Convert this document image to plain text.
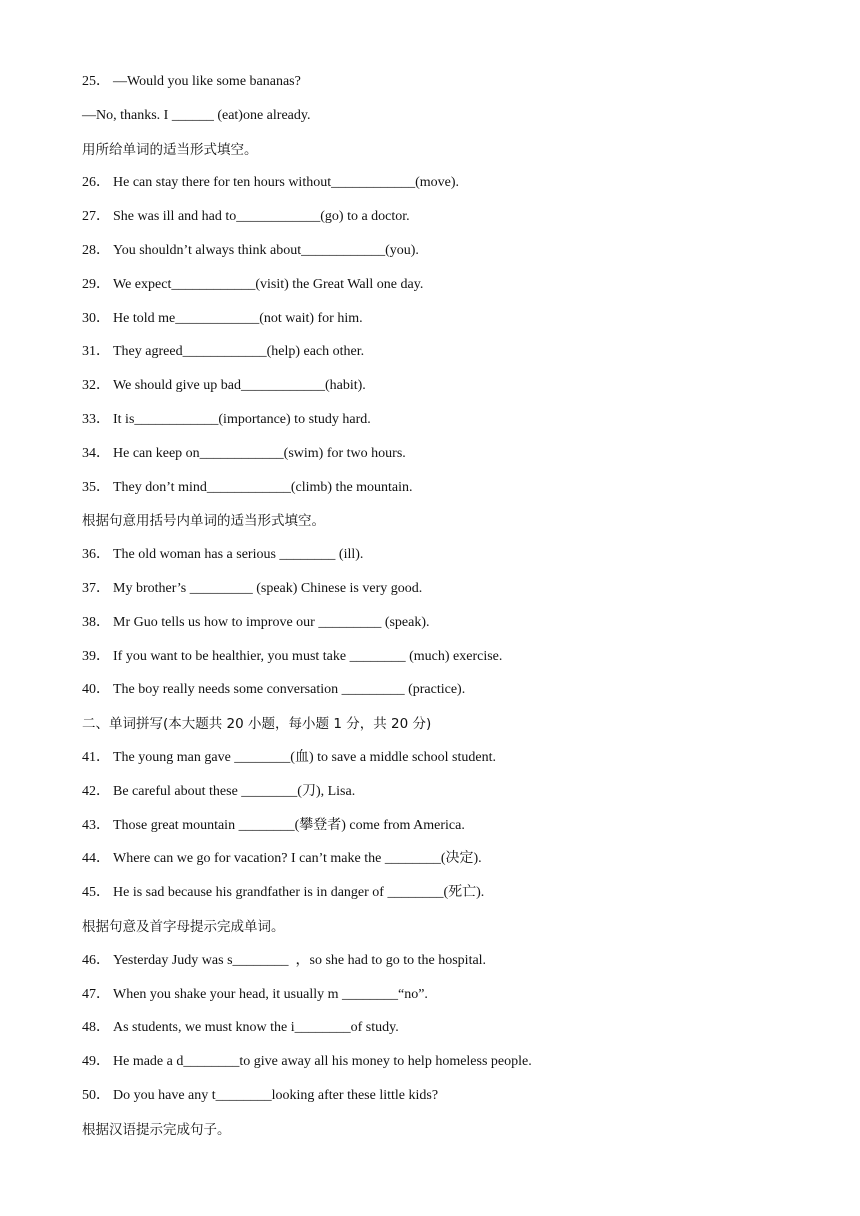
25． —Would you like some bananas?
—No, thanks. I ______ (eat)one already.
用所给单词的适当形式填空。
26． He can stay there for ten hours without____________(move).
27． She was ill and had to____________(go) to a doctor.
28． You shouldn’t always think about____________(you).
29． We expect____________(visit) the Great Wall one day.
30． He told me____________(not wait) for him.
31． They agreed____________(help) each other.
32． We should give up bad____________(habit).
33． It is____________(importance) to study hard.
34． He can keep on____________(swim) for two hours.
35． They don’t mind____________(climb) the mountain.
根据句意用括号内单词的适当形式填空。
36． The old woman has a serious ________ (ill).
37． My brother’s _________ (speak) Chinese is very good.
38． Mr Guo tells us how to improve our _________ (speak).
39． If you want to be healthier, you must take ________ (much) exercise.
40． The boy really needs some conversation _________ (practice).
二、单词拼写(本大题共 20 小题，每小题 1 分，共 20 分)
41． The young man gave ________(血) to save a middle school student.
42． Be careful about these ________(刀), Lisa.
43． Those great mountain ________(攀登者) come from America.
44． Where can we go for vacation? I can’t make the ________(决定).
45． He is sad because his grandfather is in danger of ________(死亡).
根据句意及首字母提示完成单词。
46． Yesterday Judy was s________  ，so she had to go to the hospital.
47． When you shake your head, it usually m ________“no”.
48． As students, we must know the i________of study.
49． He made a d________to give away all his money to help homeless people.
50． Do you have any t________looking after these little kids?
根据汉语提示完成句子。
